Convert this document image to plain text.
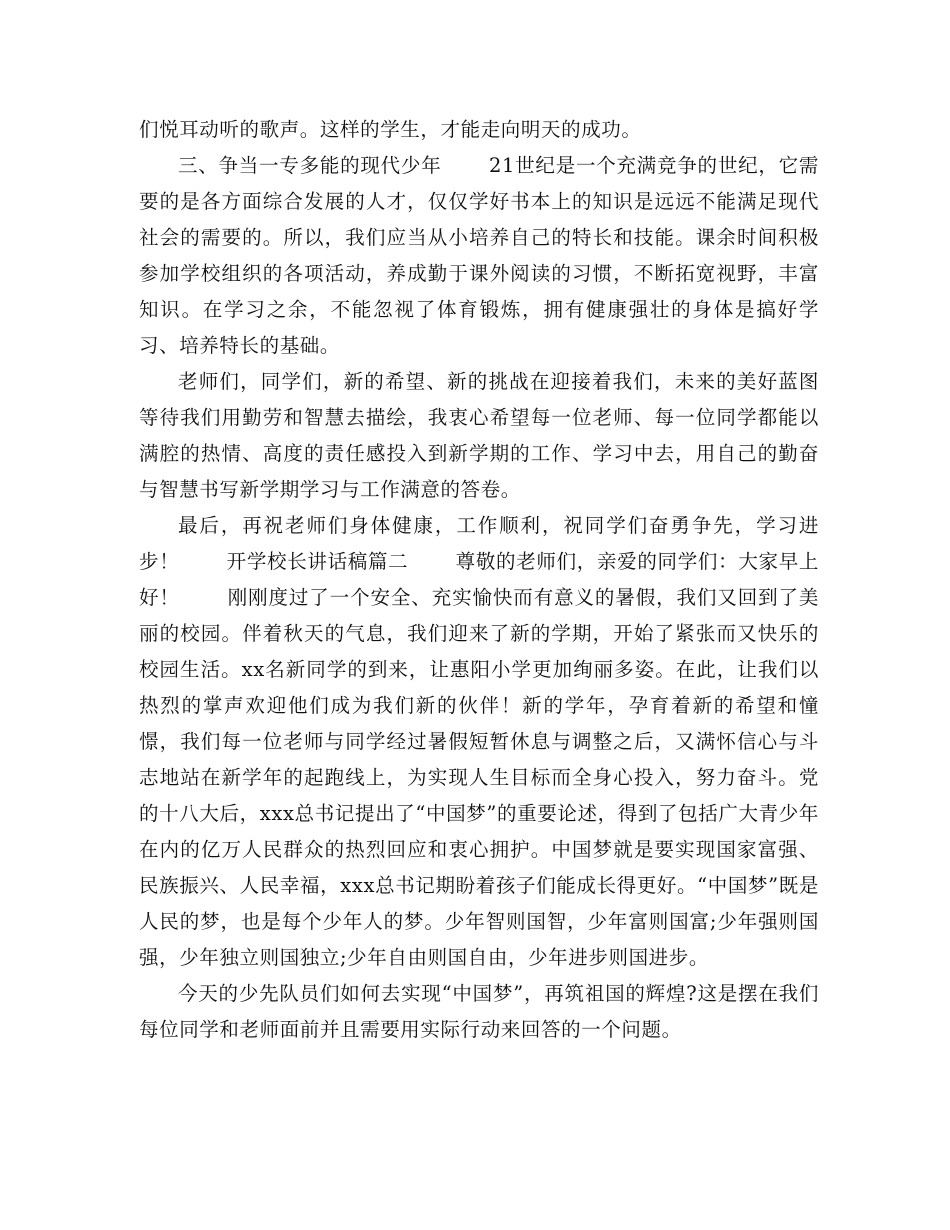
们悦耳动听的歌声。这样的学生，才能走向明天的成功。

三、争当一专多能的现代少年　　 21世纪是一个充满竞争的世纪，它需要的是各方面综合发展的人才，仅仅学好书本上的知识是远远不能满足现代社会的需要的。所以，我们应当从小培养自己的特长和技能。课余时间积极参加学校组织的各项活动，养成勤于课外阅读的习惯，不断拓宽视野，丰富知识。在学习之余，不能忽视了体育锻炼，拥有健康强壮的身体是搞好学习、培养特长的基础。

老师们，同学们，新的希望、新的挑战在迎接着我们，未来的美好蓝图等待我们用勤劳和智慧去描绘，我衷心希望每一位老师、每一位同学都能以满腔的热情、高度的责任感投入到新学期的工作、学习中去，用自己的勤奋与智慧书写新学期学习与工作满意的答卷。

最后，再祝老师们身体健康，工作顺利，祝同学们奋勇争先，学习进步！　　 开学校长讲话稿篇二　　 尊敬的老师们，亲爱的同学们：大家早上好！　　 刚刚度过了一个安全、充实愉快而有意义的暑假，我们又回到了美丽的校园。伴着秋天的气息，我们迎来了新的学期，开始了紧张而又快乐的校园生活。xx名新同学的到来，让惠阳小学更加绚丽多姿。在此，让我们以热烈的掌声欢迎他们成为我们新的伙伴！新的学年，孕育着新的希望和憧憬，我们每一位老师与同学经过暑假短暂休息与调整之后，又满怀信心与斗志地站在新学年的起跑线上，为实现人生目标而全身心投入，努力奋斗。党的十八大后，xxx总书记提出了“中国梦”的重要论述，得到了包括广大青少年在内的亿万人民群众的热烈回应和衷心拥护。中国梦就是要实现国家富强、民族振兴、人民幸福，xxx总书记期盼着孩子们能成长得更好。“中国梦”既是人民的梦，也是每个少年人的梦。少年智则国智，少年富则国富;少年强则国强，少年独立则国独立;少年自由则国自由，少年进步则国进步。

今天的少先队员们如何去实现“中国梦”，再筑祖国的辉煌?这是摆在我们每位同学和老师面前并且需要用实际行动来回答的一个问题。
